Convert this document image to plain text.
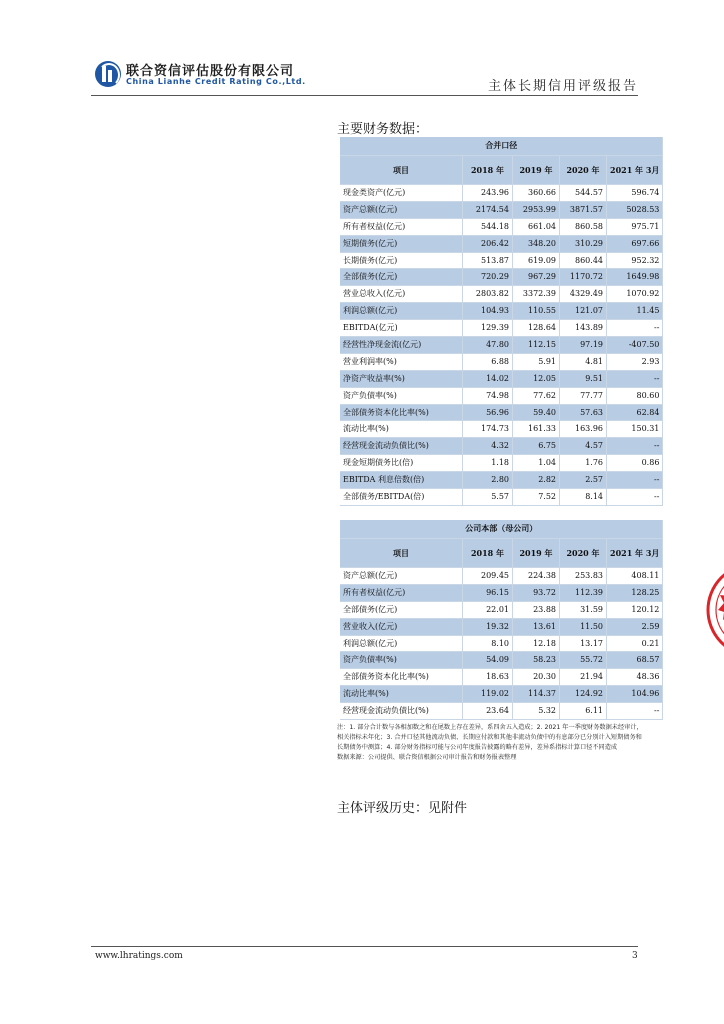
联合资信评估股份有限公司
China Lianhe Credit Rating Co.,Ltd.	主体长期信用评级报告
主要财务数据：
合并口径				
项目	2018 年	2019 年	2020 年	2021 年 3月
现金类资产(亿元)	243.96	360.66	544.57	596.74
资产总额(亿元)	2174.54	2953.99	3871.57	5028.53
所有者权益(亿元)	544.18	661.04	860.58	975.71
短期债务(亿元)	206.42	348.20	310.29	697.66
长期债务(亿元)	513.87	619.09	860.44	952.32
全部债务(亿元)	720.29	967.29	1170.72	1649.98
营业总收入(亿元)	2803.82	3372.39	4329.49	1070.92
利润总额(亿元)	104.93	110.55	121.07	11.45
EBITDA(亿元)	129.39	128.64	143.89	--
经营性净现金流(亿元)	47.80	112.15	97.19	-407.50
营业利润率(%)	6.88	5.91	4.81	2.93
净资产收益率(%)	14.02	12.05	9.51	--
资产负债率(%)	74.98	77.62	77.77	80.60
全部债务资本化比率(%)	56.96	59.40	57.63	62.84
流动比率(%)	174.73	161.33	163.96	150.31
经营现金流动负债比(%)	4.32	6.75	4.57	--
现金短期债务比(倍)	1.18	1.04	1.76	0.86
EBITDA 利息倍数(倍)	2.80	2.82	2.57	--
全部债务/EBITDA(倍)	5.57	7.52	8.14	--
公司本部（母公司）				
项目	2018 年	2019 年	2020 年	2021 年 3月
资产总额(亿元)	209.45	224.38	253.83	408.11
所有者权益(亿元)	96.15	93.72	112.39	128.25
全部债务(亿元)	22.01	23.88	31.59	120.12
营业收入(亿元)	19.32	13.61	11.50	2.59
利润总额(亿元)	8.10	12.18	13.17	0.21
资产负债率(%)	54.09	58.23	55.72	68.57
全部债务资本化比率(%)	18.63	20.30	21.94	48.36
流动比率(%)	119.02	114.37	124.92	104.96
经营现金流动负债比(%)	23.64	5.32	6.11	--
注：1. 部分合计数与各相加数之和在尾数上存在差异，系四舍五入造成；2. 2021 年一季度财务数据未经审计，相关指标未年化；3. 合并口径其他流动负债、长期应付款和其他非流动负债中的有息部分已分别计入短期债务和长期债务中测算；4. 部分财务指标可能与公司年度报告披露的略有差异，差异系指标计算口径不同造成
数据来源：公司提供、联合资信根据公司审计报告和财务报表整理
主体评级历史：见附件
www.lhratings.com	3
